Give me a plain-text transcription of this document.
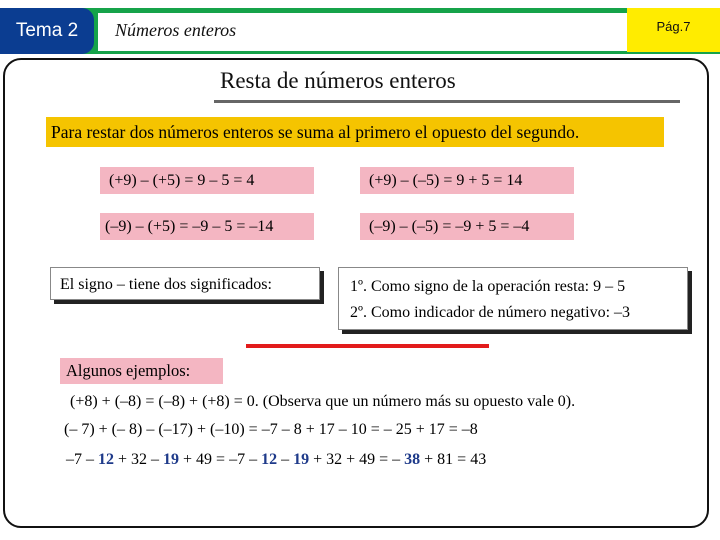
Tema 2	Números enteros	Pág.7
Resta de números enteros
Para restar dos números enteros se suma al primero el opuesto del segundo.
(+9) – (+5) = 9 – 5 = 4	(+9) – (–5) = 9 + 5 = 14
(–9) – (+5) = –9 – 5 = –14	(–9) – (–5) = –9 + 5 = –4
El signo – tiene dos significados:	1º. Como signo de la operación resta: 9 – 5
2º. Como indicador de número negativo: –3
Algunos ejemplos:
(+8) + (–8) = (–8) + (+8) = 0. (Observa que un número más su opuesto vale 0).
(– 7) + (– 8) – (–17) + (–10) = –7 – 8 + 17 – 10 = – 25 + 17 = –8
–7 – 12 + 32 – 19 + 49 = –7 – 12 – 19 + 32 + 49 = – 38 + 81 = 43
